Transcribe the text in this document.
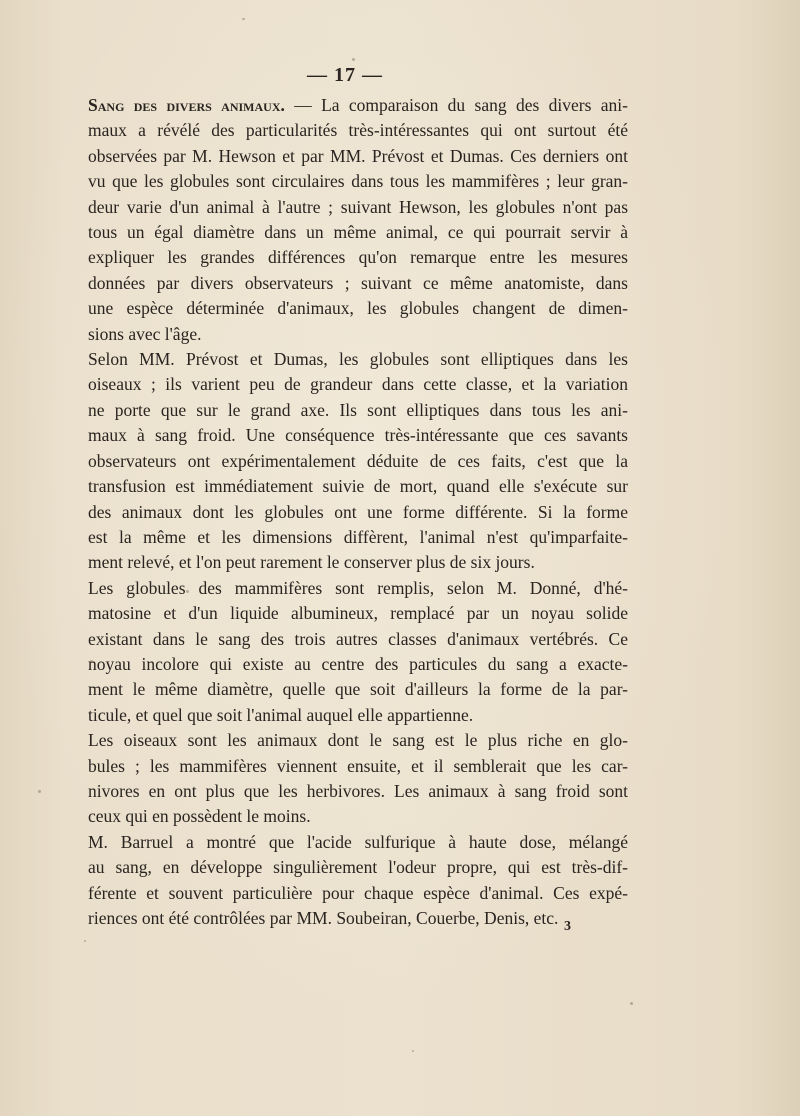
— 17 —

Sang des divers animaux. — La comparaison du sang des divers ani-
maux a révélé des particularités très-intéressantes qui ont surtout été
observées par M. Hewson et par MM. Prévost et Dumas. Ces derniers ont
vu que les globules sont circulaires dans tous les mammifères ; leur gran-
deur varie d'un animal à l'autre ; suivant Hewson, les globules n'ont pas
tous un égal diamètre dans un même animal, ce qui pourrait servir à
expliquer les grandes différences qu'on remarque entre les mesures
données par divers observateurs ; suivant ce même anatomiste, dans
une espèce déterminée d'animaux, les globules changent de dimen-
sions avec l'âge.

Selon MM. Prévost et Dumas, les globules sont elliptiques dans les
oiseaux ; ils varient peu de grandeur dans cette classe, et la variation
ne porte que sur le grand axe. Ils sont elliptiques dans tous les ani-
maux à sang froid. Une conséquence très-intéressante que ces savants
observateurs ont expérimentalement déduite de ces faits, c'est que la
transfusion est immédiatement suivie de mort, quand elle s'exécute sur
des animaux dont les globules ont une forme différente. Si la forme
est la même et les dimensions diffèrent, l'animal n'est qu'imparfaite-
ment relevé, et l'on peut rarement le conserver plus de six jours.

Les globules des mammifères sont remplis, selon M. Donné, d'hé-
matosine et d'un liquide albumineux, remplacé par un noyau solide
existant dans le sang des trois autres classes d'animaux vertébrés. Ce
noyau incolore qui existe au centre des particules du sang a exacte-
ment le même diamètre, quelle que soit d'ailleurs la forme de la par-
ticule, et quel que soit l'animal auquel elle appartienne.

Les oiseaux sont les animaux dont le sang est le plus riche en glo-
bules ; les mammifères viennent ensuite, et il semblerait que les car-
nivores en ont plus que les herbivores. Les animaux à sang froid sont
ceux qui en possèdent le moins.

M. Barruel a montré que l'acide sulfurique à haute dose, mélangé
au sang, en développe singulièrement l'odeur propre, qui est très-dif-
férente et souvent particulière pour chaque espèce d'animal. Ces expé-
riences ont été contrôlées par MM. Soubeiran, Couerbe, Denis, etc. 3
